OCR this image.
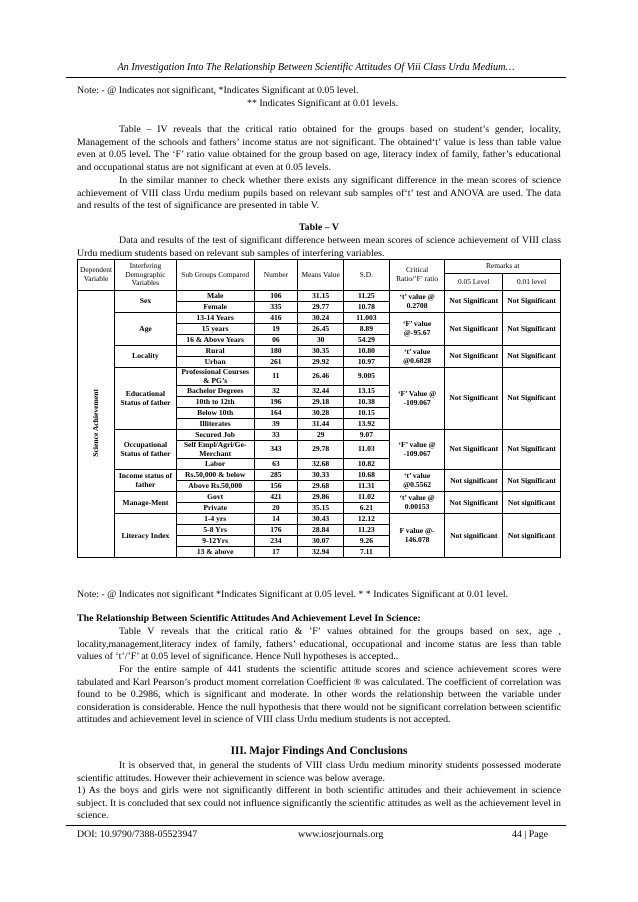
An Investigation Into The Relationship Between Scientific Attitudes Of Viii Class Urdu Medium…

Note: - @ Indicates not significant, *Indicates Significant at 0.05 level.

** Indicates Significant at 0.01 levels.

Table – IV reveals that the critical ratio obtained for the groups based on student’s gender, locality, Management of the schools and fathers’ income status are not significant. The obtained‘t’ value is less than table value even at 0.05 level. The ‘F’ ratio value obtained for the group based on age, literacy index of family, father’s educational and occupational status are not significant at even at 0.05 levels.

In the similar manner to check whether there exists any significant difference in the mean scores of science achievement of VIII class Urdu medium pupils based on relevant sub samples of‘t’ test and ANOVA are used. The data and results of the test of significance are presented in table V.

Table – V

Data and results of the test of significant difference between mean scores of science achievement of VIII class Urdu medium students based on relevant sub samples of interfering variables.

Dependent Variable	Interfering Demographic Variables	Sub Groups Compared	Number	Means Value	S.D.	Critical Ratio/’F’ ratio	Remarks at	
							0.05 Level	0.01 level
Science Achievement	Sex	Male	106	31.15	11.25	‘t’ value @ 0.2708	Not Significant	Not Significant
		Female	335	29.77	10.78			
	Age	13-14 Years	416	30.24	11.003	‘F’ value @-95.67	Not Significant	Not Significant
		15 years	19	26.45	8.89			
		16 & Above Years	06	30	54.29			
	Locality	Rural	180	30.35	10.80	‘t’ value @0.6828	Not Significant	Not Significant
		Urban	261	29.92	10.97			
	Educational Status of father	Professional Courses & PG’s	11	26.46	9.005	‘F’ Value @ -109.067	Not Significant	Not Significant
		Bachelor Degrees	32	32.44	13.15			
		10th to 12th	196	29.18	10.38			
		Below 10th	164	30.28	10.15			
		Illiterates	39	31.44	13.92			
	Occupational Status of father	Secured Job	33	29	9.07	‘F’ value @ -109.067	Not Significant	Not Significant
		Self Empl/Agri/Ge-Merchant	343	29.78	11.03			
		Labor	63	32.68	10.82			
	Income status of father	Rs.50,000 & below	285	30.33	10.68	‘t’ value @0.5562	Not significant	Not Significant
		Above Rs.50,000	156	29.68	11.31			
	Manage-Ment	Govt	421	29.86	11.02	‘t’ value @ 0.00153	Not Significant	Not significant
		Private	20	35.15	6.21			
	Literacy Index	1-4 yrs	14	30.43	12.12	F value @- 146.078	Not significant	Not significant
		5-8 Yrs	176	28.84	11.23			
		9-12Yrs	234	30.07	9.26			
		13 & above	17	32.94	7.11			

Note: - @ Indicates not significant *Indicates Significant at 0.05 level. * * Indicates Significant at 0.01 level.

The Relationship Between Scientific Attitudes And Achievement Level In Science:

Table V reveals that the critical ratio & ’F’ values obtained for the groups based on sex, age , locality,management,literacy index of family, fathers’ educational, occupational and income status are less than table values of ‘t’/’F’ at 0.05 level of significance. Hence Null hypotheses is accepted..

For the entire sample of 441 students the scientific attitude scores and science achievement scores were tabulated and Karl Pearson’s product moment correlation Coefficient ® was calculated. The coefficient of correlation was found to be 0.2986, which is significant and moderate. In other words the relationship between the variable under consideration is considerable. Hence the null hypothesis that there would not be significant correlation between scientific attitudes and achievement level in science of VIII class Urdu medium students is not accepted.

III. Major Findings And Conclusions

It is observed that, in general the students of VIII class Urdu medium minority students possessed moderate scientific attitudes. However their achievement in science was below average.

1) As the boys and girls were not significantly different in both scientific attitudes and their achievement in science subject. It is concluded that sex could not influence significantly the scientific attitudes as well as the achievement level in science.

DOI: 10.9790/7388-05523947	www.iosrjournals.org	44 | Page
